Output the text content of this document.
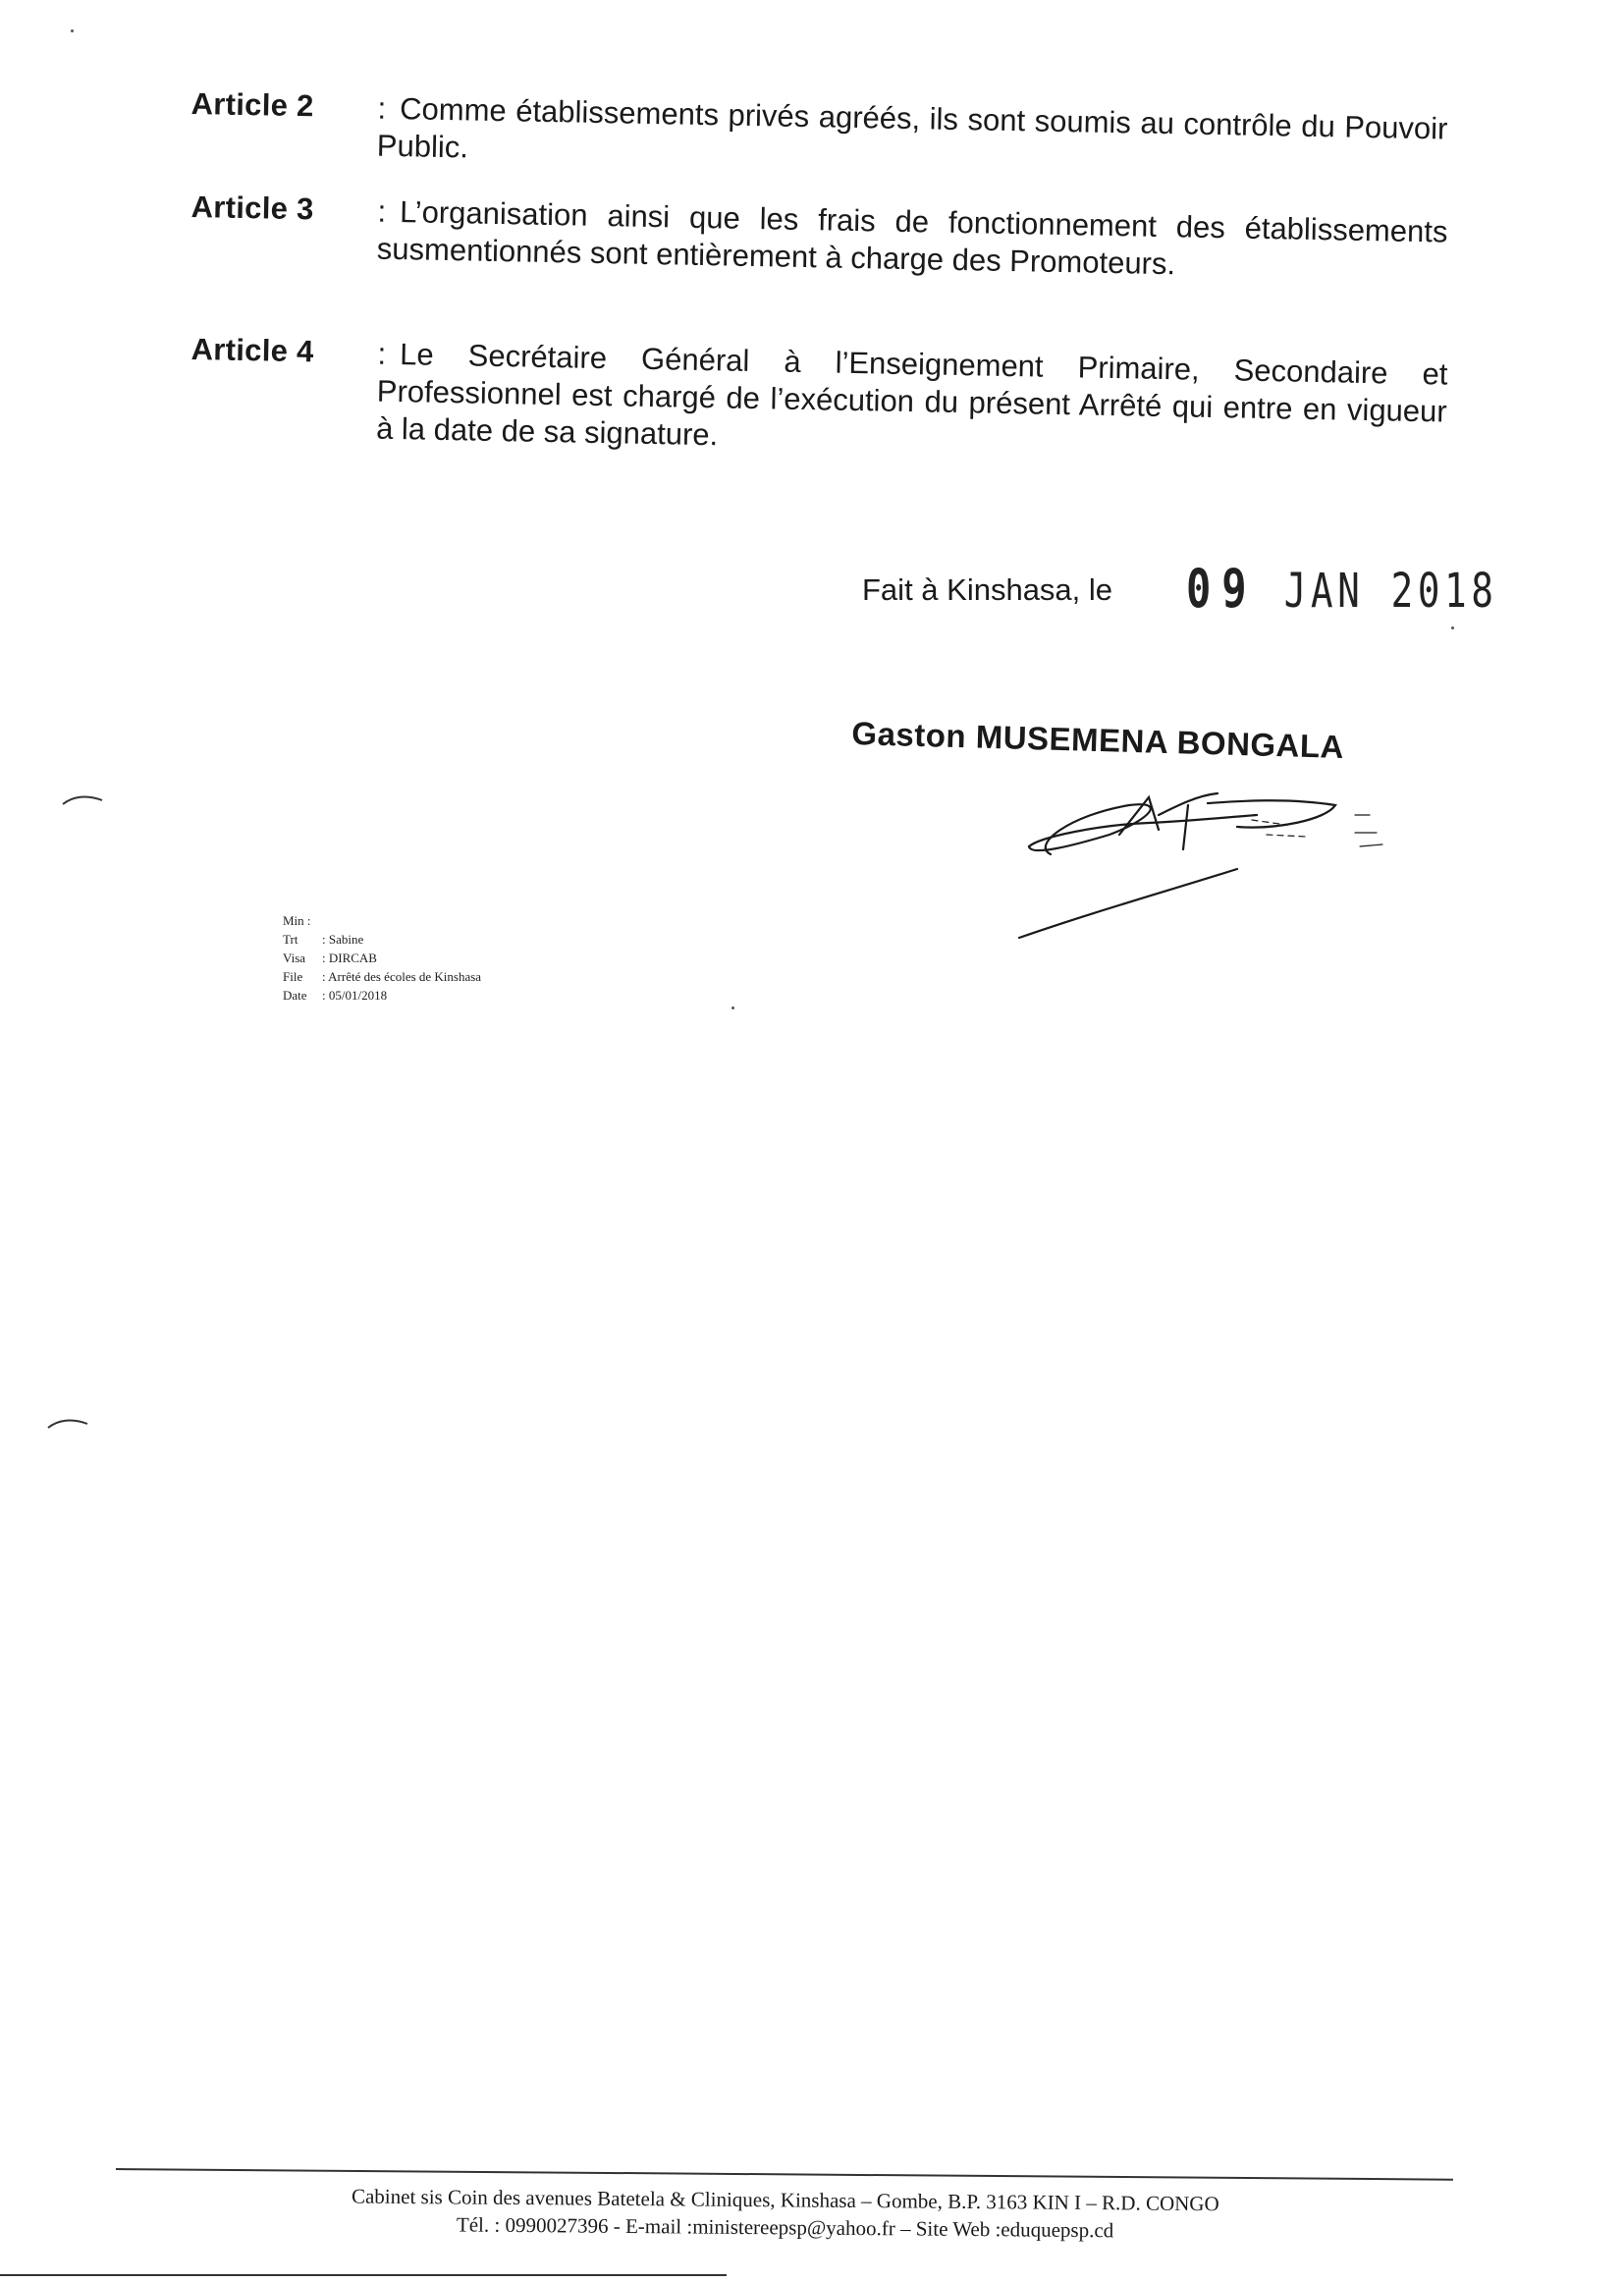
Article 2 : Comme établissements privés agréés, ils sont soumis au contrôle du Pouvoir Public.
Article 3 : L’organisation ainsi que les frais de fonctionnement des établissements susmentionnés sont entièrement à charge des Promoteurs.
Article 4 : Le Secrétaire Général à l’Enseignement Primaire, Secondaire et Professionnel est chargé de l’exécution du présent Arrêté qui entre en vigueur à la date de sa signature.
Fait à Kinshasa, le 09 JAN 2018
Gaston MUSEMENA BONGALA
Min :
Trt : Sabine
Visa : DIRCAB
File : Arrêté des écoles de Kinshasa
Date : 05/01/2018
Cabinet sis Coin des avenues Batetela & Cliniques, Kinshasa – Gombe, B.P. 3163 KIN I – R.D. CONGO
Tél. : 0990027396 - E-mail :ministereepsp@yahoo.fr – Site Web :eduquepsp.cd
